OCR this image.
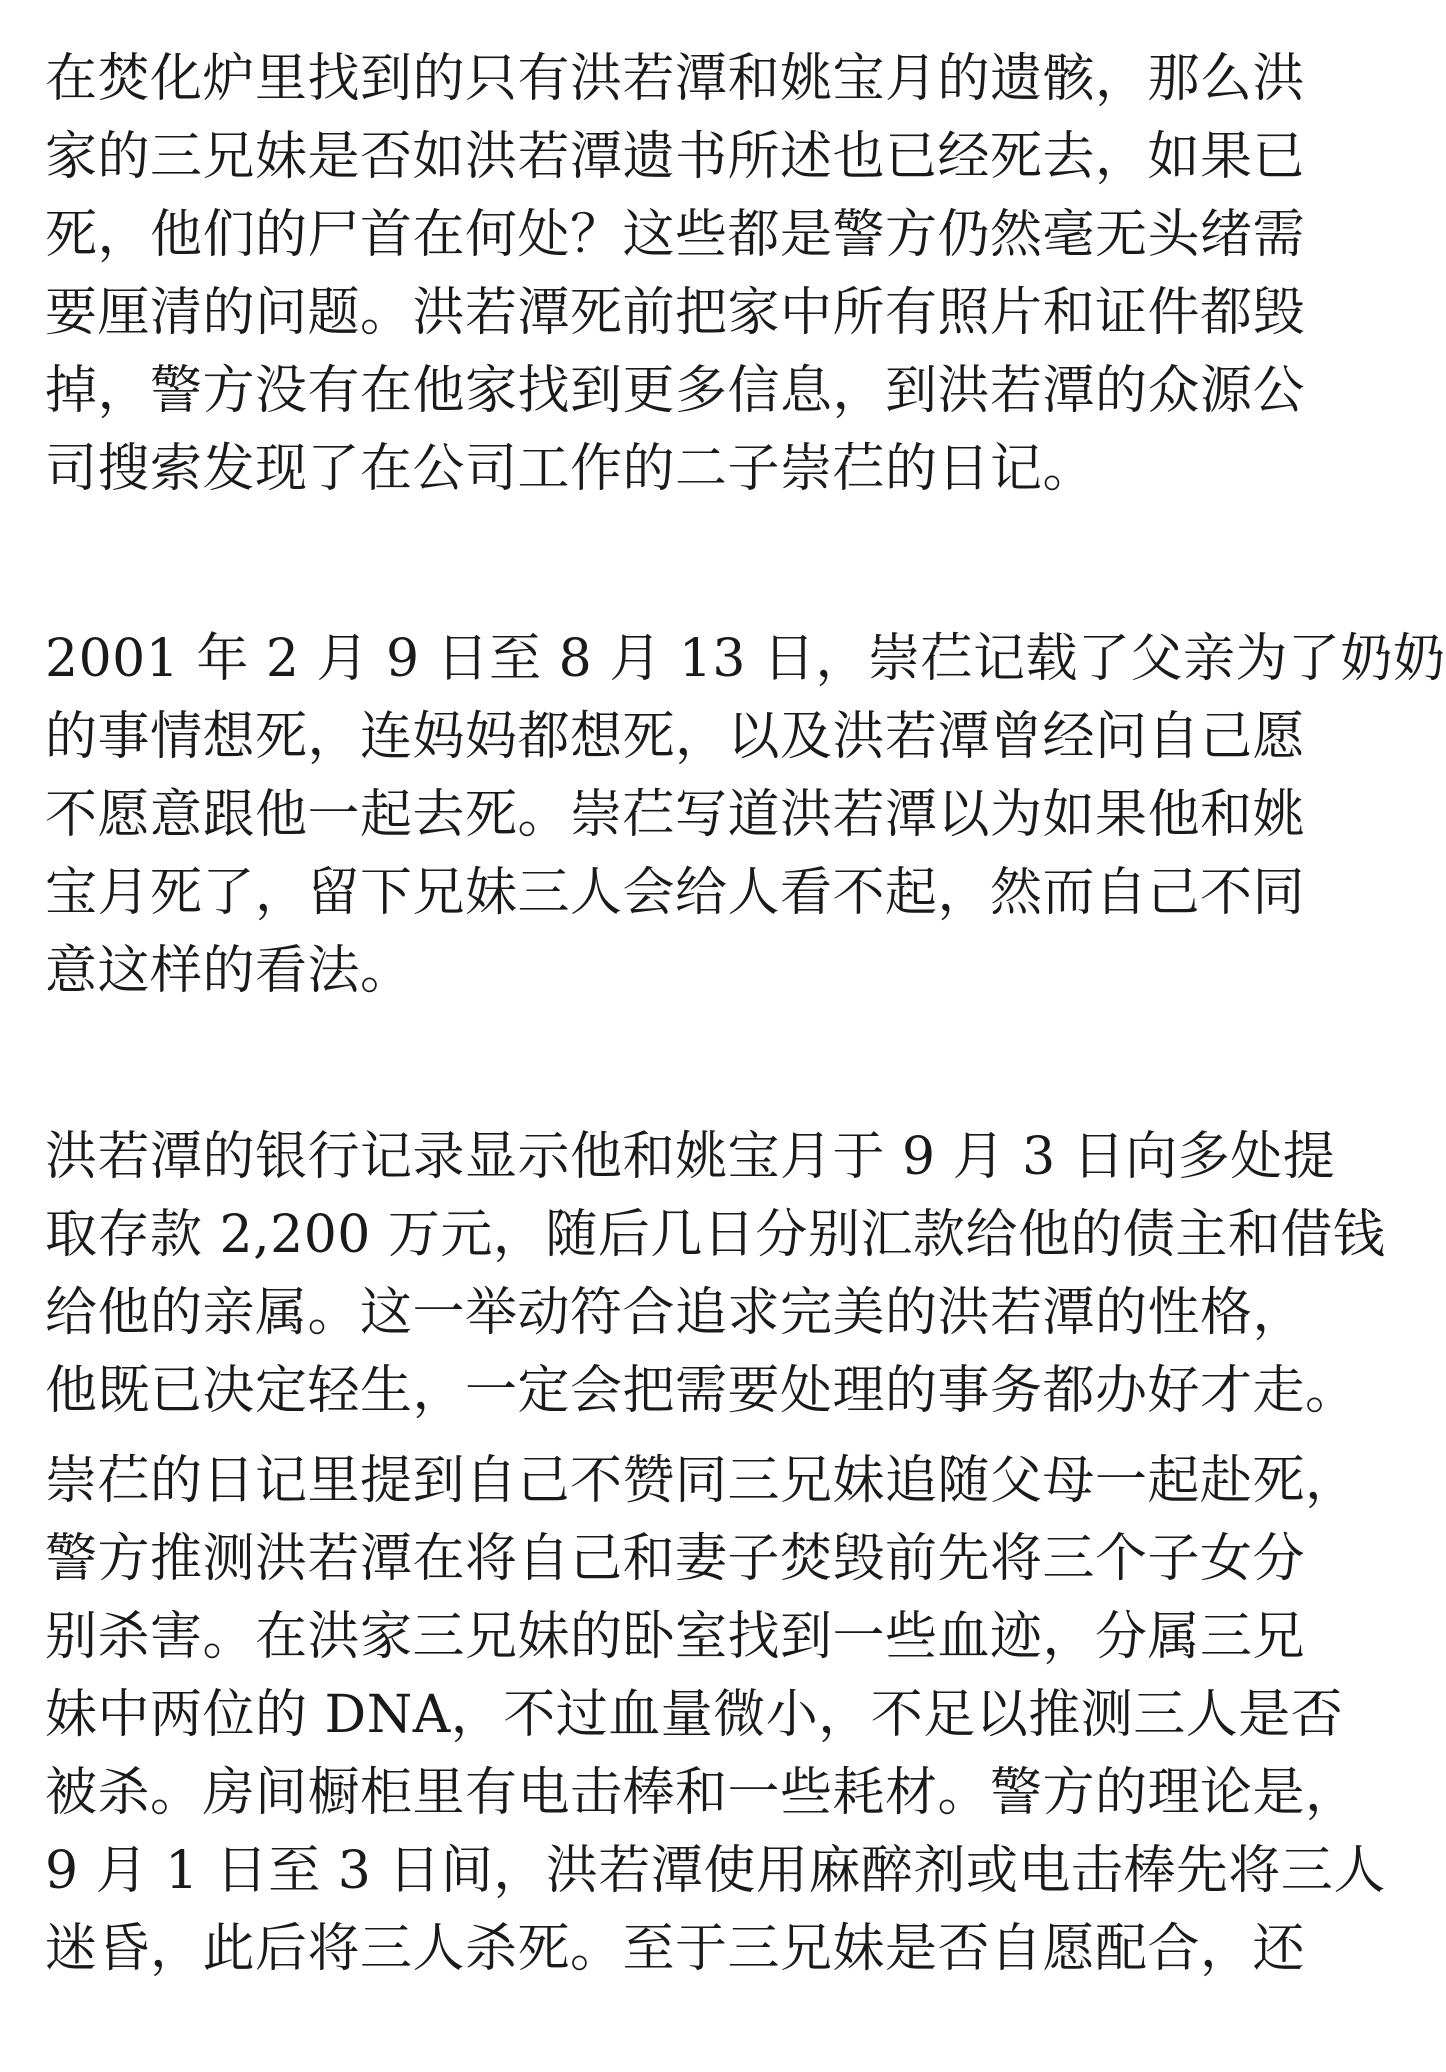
在焚化炉里找到的只有洪若潭和姚宝月的遗骸，那么洪
家的三兄妹是否如洪若潭遗书所述也已经死去，如果已
死，他们的尸首在何处？这些都是警方仍然毫无头绪需
要厘清的问题。洪若潭死前把家中所有照片和证件都毁
掉，警方没有在他家找到更多信息，到洪若潭的众源公
司搜索发现了在公司工作的二子崇芢的日记。
2001 年 2 月 9 日至 8 月 13 日，崇芢记载了父亲为了奶奶
的事情想死，连妈妈都想死，以及洪若潭曾经问自己愿
不愿意跟他一起去死。崇芢写道洪若潭以为如果他和姚
宝月死了，留下兄妹三人会给人看不起，然而自己不同
意这样的看法。
洪若潭的银行记录显示他和姚宝月于 9 月 3 日向多处提
取存款 2,200 万元，随后几日分别汇款给他的债主和借钱
给他的亲属。这一举动符合追求完美的洪若潭的性格，
他既已决定轻生，一定会把需要处理的事务都办好才走。
崇芢的日记里提到自己不赞同三兄妹追随父母一起赴死，
警方推测洪若潭在将自己和妻子焚毁前先将三个子女分
别杀害。在洪家三兄妹的卧室找到一些血迹，分属三兄
妹中两位的 DNA，不过血量微小，不足以推测三人是否
被杀。房间橱柜里有电击棒和一些耗材。警方的理论是，
9 月 1 日至 3 日间，洪若潭使用麻醉剂或电击棒先将三人
迷昏，此后将三人杀死。至于三兄妹是否自愿配合，还
